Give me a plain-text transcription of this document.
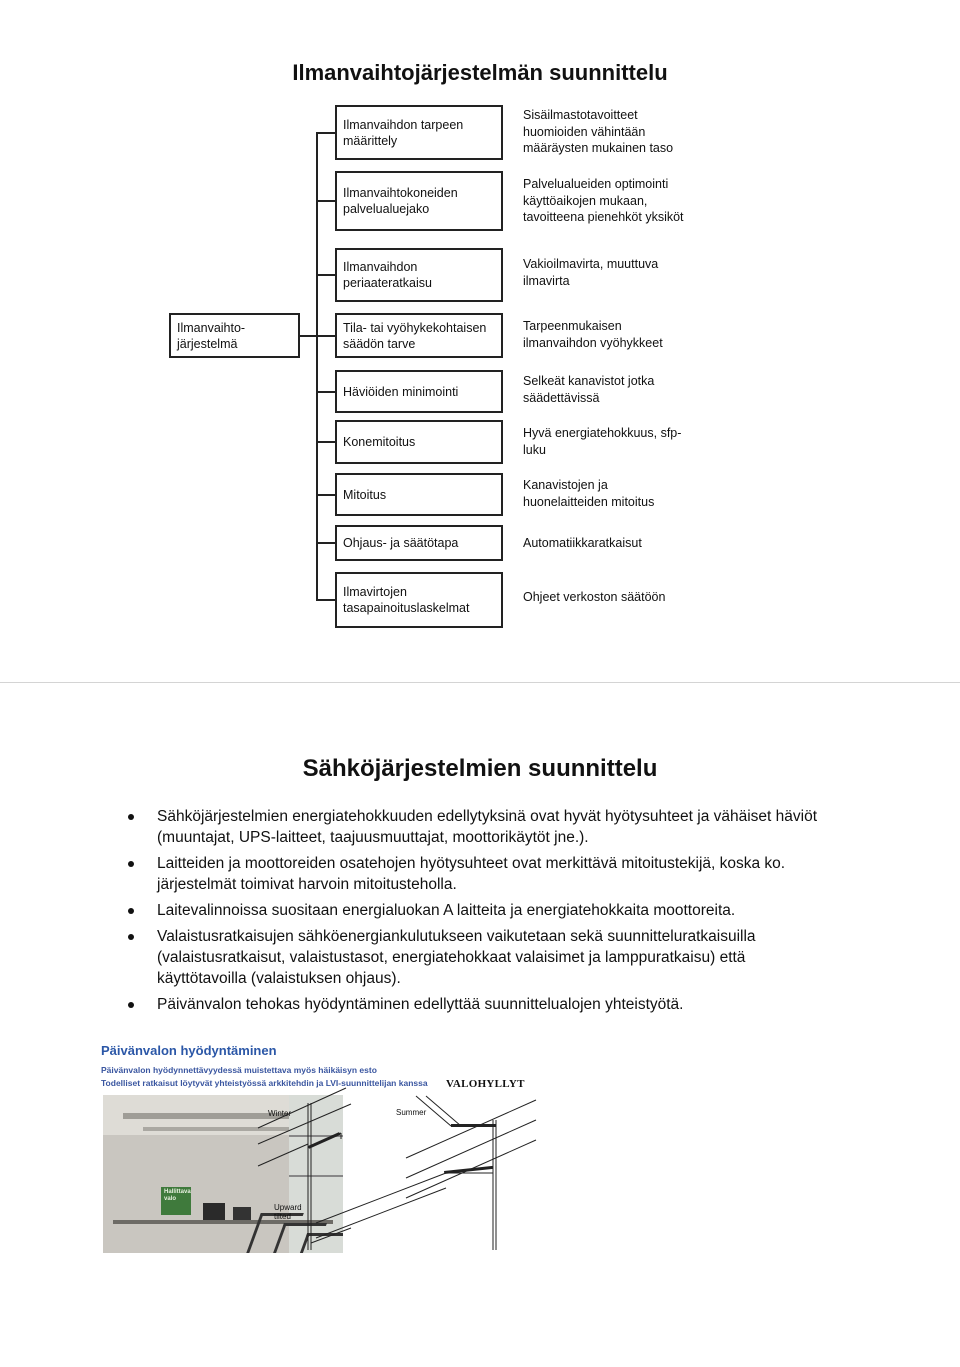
Ilmanvaihtojärjestelmän suunnittelu
Ilmanvaihto-
järjestelmä
Ilmanvaihdon tarpeen
määrittely
Sisäilmastotavoitteet
huomioiden vähintään
määräysten mukainen taso
Ilmanvaihtokoneiden
palvelualuejako
Palvelualueiden optimointi
käyttöaikojen mukaan,
tavoitteena pienehköt yksiköt
Ilmanvaihdon
periaateratkaisu
Vakioilmavirta, muuttuva
ilmavirta
Tila- tai vyöhykekohtaisen
säädön tarve
Tarpeenmukaisen
ilmanvaihdon vyöhykkeet
Häviöiden minimointi
Selkeät kanavistot jotka
säädettävissä
Konemitoitus
Hyvä energiatehokkuus, sfp-
luku
Mitoitus
Kanavistojen ja
huonelaitteiden mitoitus
Ohjaus- ja säätötapa	Automatiikkaratkaisut
Ilmavirtojen
tasapainoituslaskelmat
Ohjeet verkoston säätöön
Sähköjärjestelmien suunnittelu
Sähköjärjestelmien energiatehokkuuden edellytyksinä ovat hyvät hyötysuhteet ja vähäiset häviöt (muuntajat, UPS-laitteet, taajuusmuuttajat, moottorikäytöt jne.).
Laitteiden ja moottoreiden osatehojen hyötysuhteet ovat merkittävä mitoitustekijä, koska ko. järjestelmät toimivat harvoin mitoitusteholla.
Laitevalinnoissa suositaan energialuokan A laitteita ja energiatehokkaita moottoreita.
Valaistusratkaisujen sähköenergiankulutukseen vaikutetaan sekä suunnitteluratkaisuilla (valaistusratkaisut, valaistustasot, energiatehokkaat valaisimet ja lamppuratkaisu) että käyttötavoilla (valaistuksen ohjaus).
Päivänvalon tehokas hyödyntäminen edellyttää suunnittelualojen yhteistyötä.
Päivänvalon hyödyntäminen
Päivänvalon hyödynnettävyydessä muistettava myös häikäisyn esto
Todelliset ratkaisut löytyvät yhteistyössä arkkitehdin ja LVI-suunnittelijan kanssa
Hallittava
valo
VALOHYLLYT
Winter	Summer
Upward
tilted
